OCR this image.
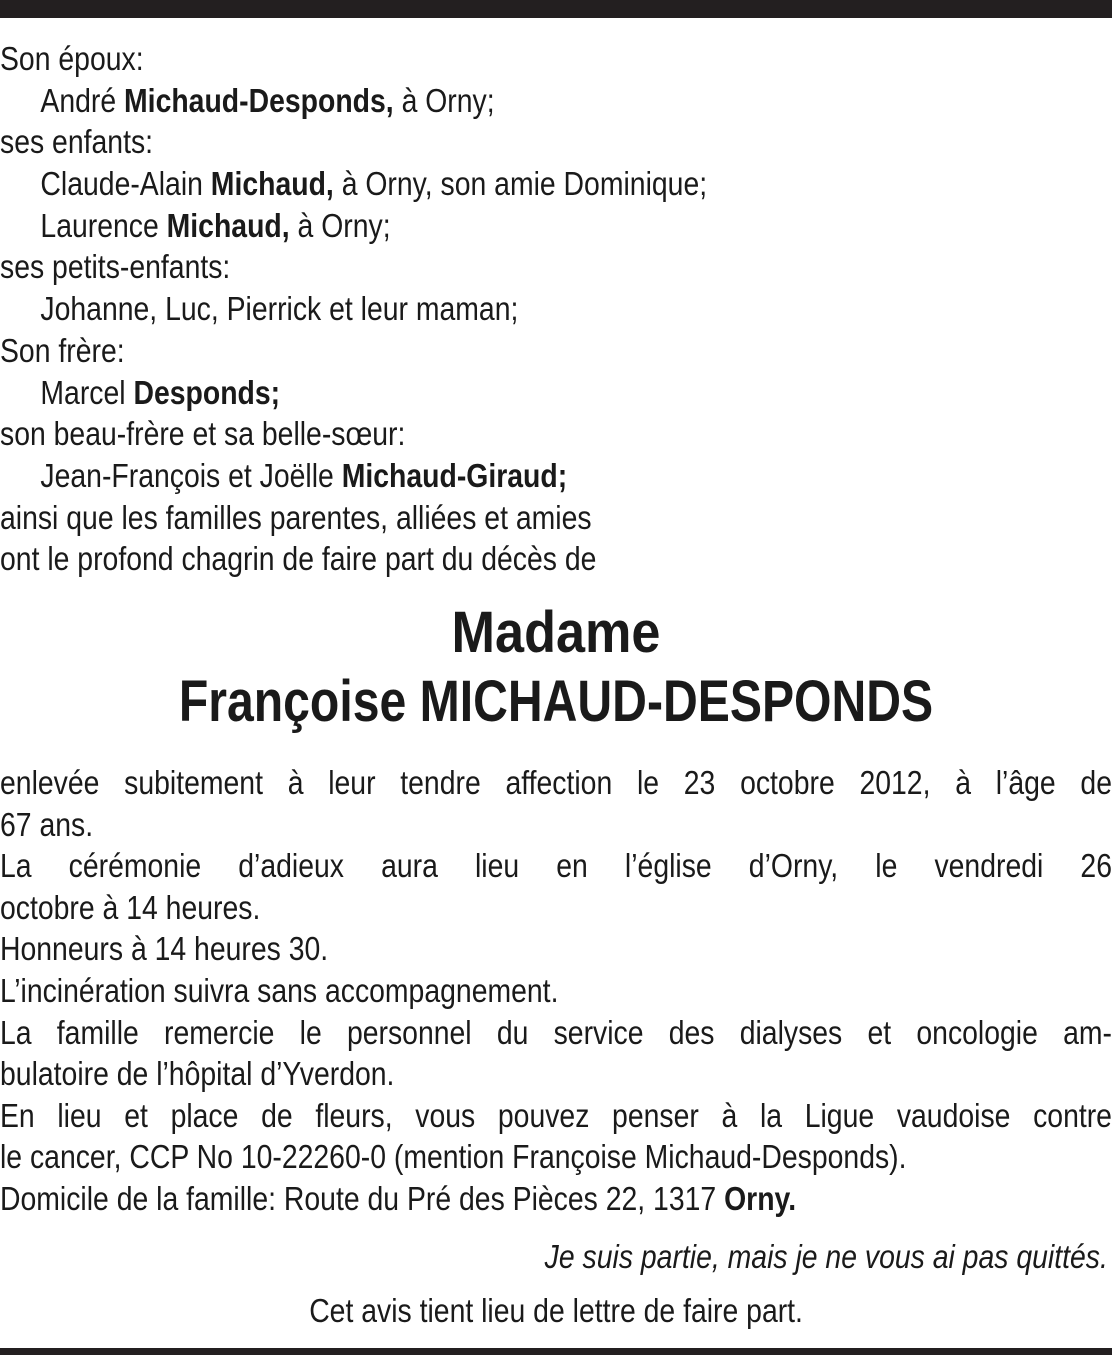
Son époux:
André Michaud-Desponds, à Orny;
ses enfants:
Claude-Alain Michaud, à Orny, son amie Dominique;
Laurence Michaud, à Orny;
ses petits-enfants:
Johanne, Luc, Pierrick et leur maman;
Son frère:
Marcel Desponds;
son beau-frère et sa belle-sœur:
Jean-François et Joëlle Michaud-Giraud;
ainsi que les familles parentes, alliées et amies
ont le profond chagrin de faire part du décès de
Madame
Françoise MICHAUD-DESPONDS
enlevée subitement à leur tendre affection le 23 octobre 2012, à l’âge de
67 ans.
La cérémonie d’adieux aura lieu en l’église d’Orny, le vendredi 26
octobre à 14 heures.
Honneurs à 14 heures 30.
L’incinération suivra sans accompagnement.
La famille remercie le personnel du service des dialyses et oncologie am-
bulatoire de l’hôpital d’Yverdon.
En lieu et place de fleurs, vous pouvez penser à la Ligue vaudoise contre
le cancer, CCP No 10-22260-0 (mention Françoise Michaud-Desponds).
Domicile de la famille: Route du Pré des Pièces 22, 1317 Orny.
Je suis partie, mais je ne vous ai pas quittés.
Cet avis tient lieu de lettre de faire part.
